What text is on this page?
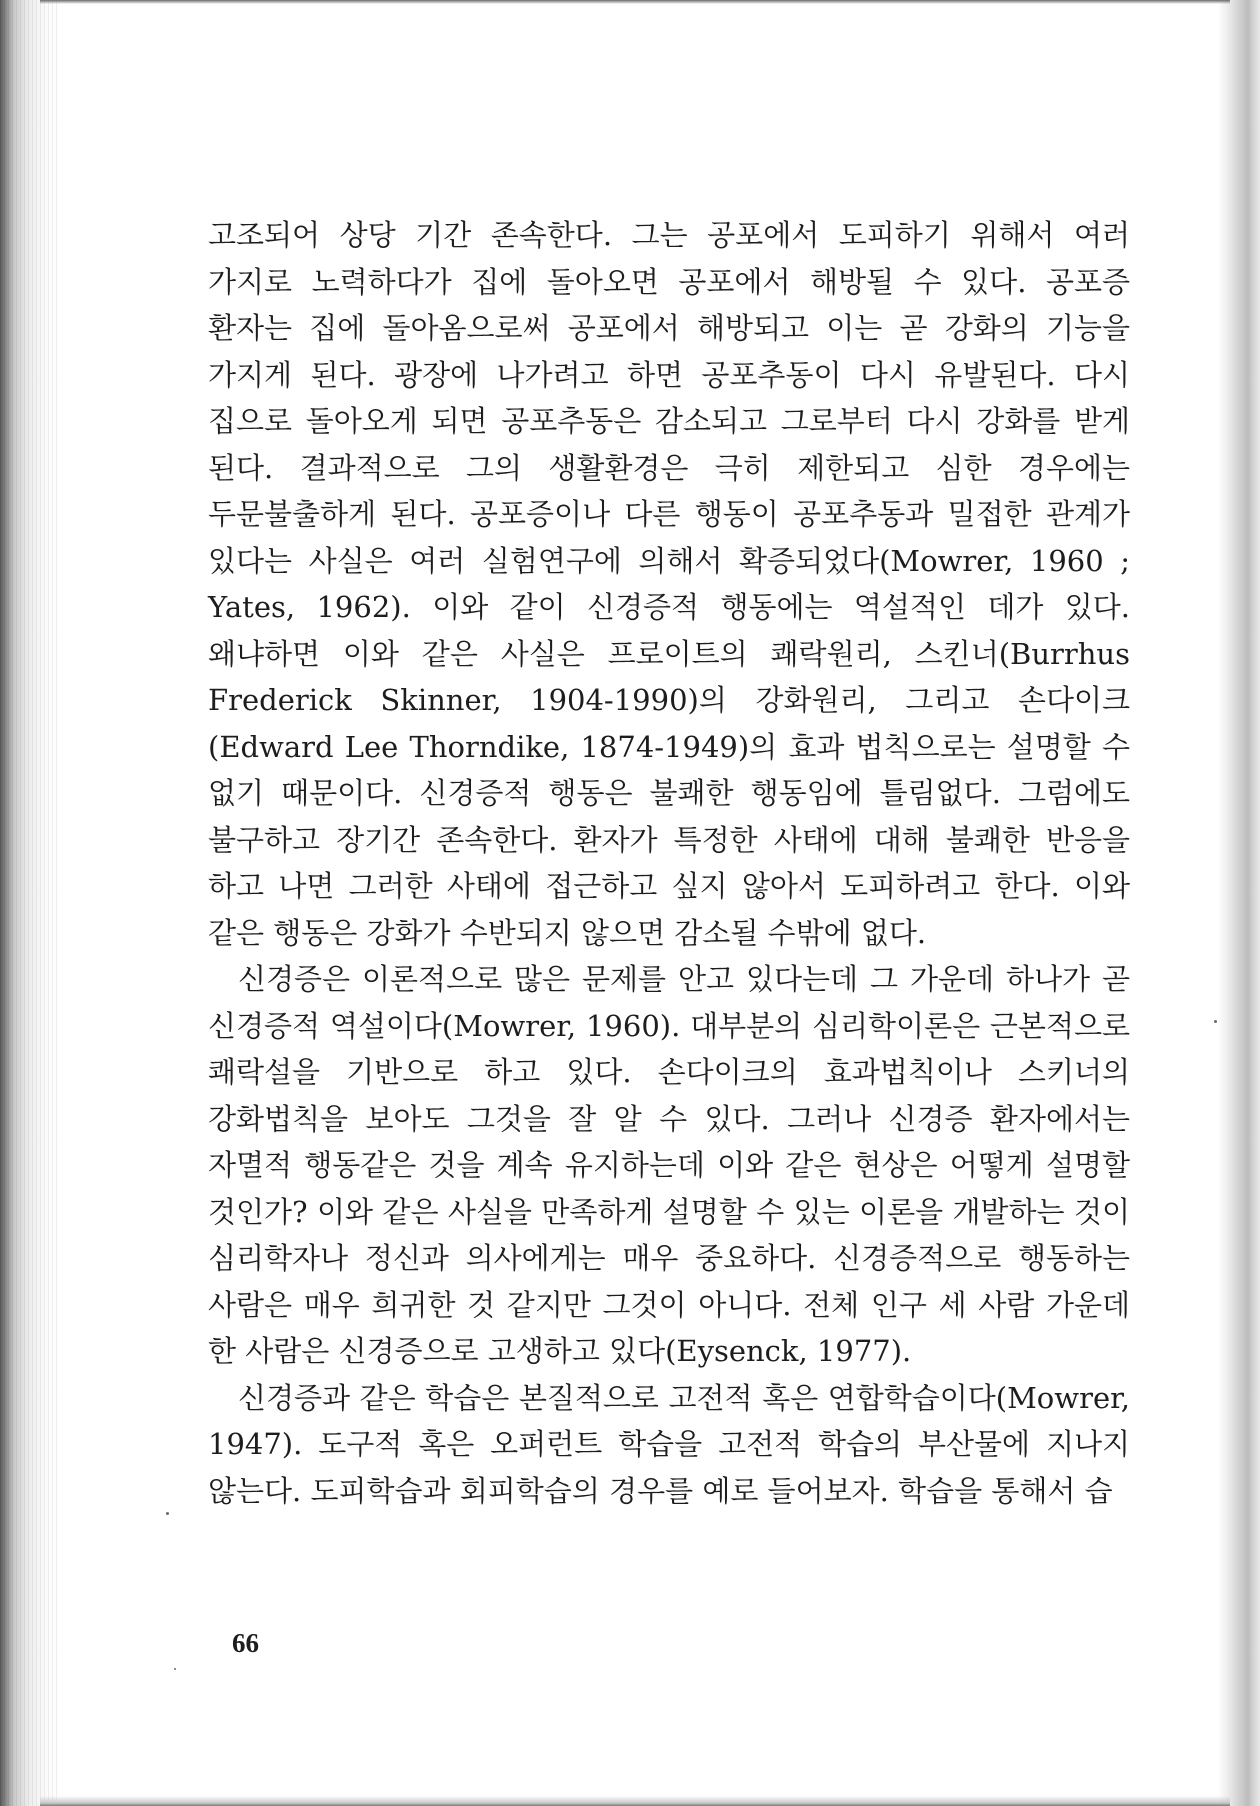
고조되어 상당 기간 존속한다. 그는 공포에서 도피하기 위해서 여러 가지로 노력하다가 집에 돌아오면 공포에서 해방될 수 있다. 공포증 환자는 집에 돌아옴으로써 공포에서 해방되고 이는 곧 강화의 기능을 가지게 된다. 광장에 나가려고 하면 공포추동이 다시 유발된다. 다시 집으로 돌아오게 되면 공포추동은 감소되고 그로부터 다시 강화를 받게 된다. 결과적으로 그의 생활환경은 극히 제한되고 심한 경우에는 두문불출하게 된다. 공포증이나 다른 행동이 공포추동과 밀접한 관계가 있다는 사실은 여러 실험연구에 의해서 확증되었다(Mowrer, 1960 ; Yates, 1962). 이와 같이 신경증적 행동에는 역설적인 데가 있다. 왜냐하면 이와 같은 사실은 프로이트의 쾌락원리, 스킨너(Burrhus Frederick Skinner, 1904-1990)의 강화원리, 그리고 손다이크(Edward Lee Thorndike, 1874-1949)의 효과 법칙으로는 설명할 수 없기 때문이다. 신경증적 행동은 불쾌한 행동임에 틀림없다. 그럼에도 불구하고 장기간 존속한다. 환자가 특정한 사태에 대해 불쾌한 반응을 하고 나면 그러한 사태에 접근하고 싶지 않아서 도피하려고 한다. 이와 같은 행동은 강화가 수반되지 않으면 감소될 수밖에 없다.

신경증은 이론적으로 많은 문제를 안고 있다는데 그 가운데 하나가 곧 신경증적 역설이다(Mowrer, 1960). 대부분의 심리학이론은 근본적으로 쾌락설을 기반으로 하고 있다. 손다이크의 효과법칙이나 스키너의 강화법칙을 보아도 그것을 잘 알 수 있다. 그러나 신경증 환자에서는 자멸적 행동같은 것을 계속 유지하는데 이와 같은 현상은 어떻게 설명할 것인가? 이와 같은 사실을 만족하게 설명할 수 있는 이론을 개발하는 것이 심리학자나 정신과 의사에게는 매우 중요하다. 신경증적으로 행동하는 사람은 매우 희귀한 것 같지만 그것이 아니다. 전체 인구 세 사람 가운데 한 사람은 신경증으로 고생하고 있다(Eysenck, 1977).

신경증과 같은 학습은 본질적으로 고전적 혹은 연합학습이다(Mowrer, 1947). 도구적 혹은 오퍼런트 학습을 고전적 학습의 부산물에 지나지 않는다. 도피학습과 회피학습의 경우를 예로 들어보자. 학습을 통해서 습

66
